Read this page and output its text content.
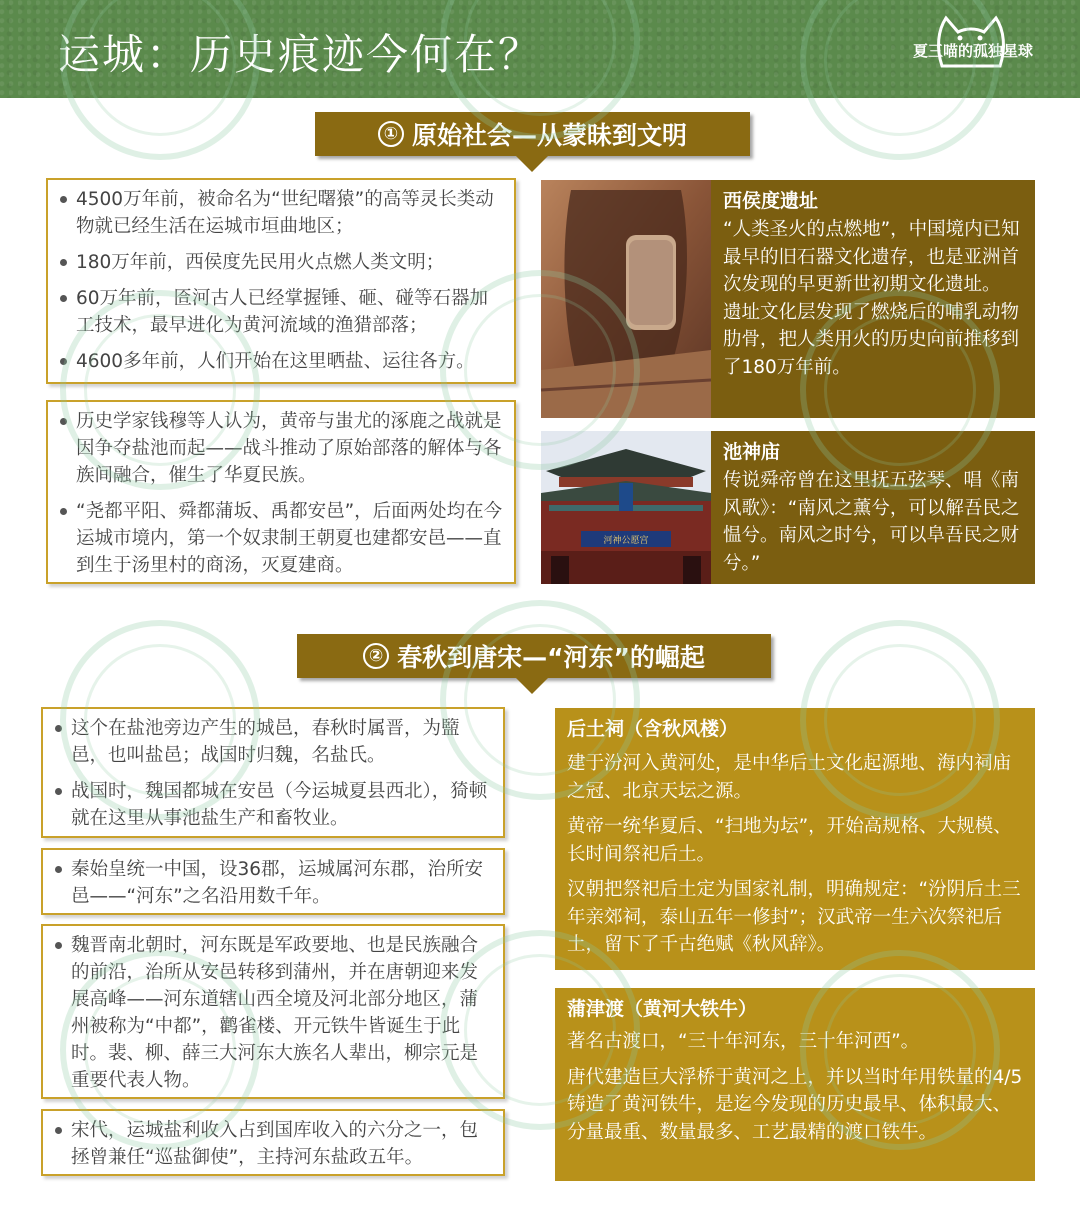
运城：历史痕迹今何在？	夏三喵的孤独星球
① 原始社会—从蒙昧到文明
4500万年前，被命名为“世纪曙猿”的高等灵长类动物就已经生活在运城市垣曲地区；
180万年前，西侯度先民用火点燃人类文明；
60万年前，匼河古人已经掌握锤、砸、碰等石器加工技术，最早进化为黄河流域的渔猎部落；
4600多年前，人们开始在这里晒盐、运往各方。
历史学家钱穆等人认为，黄帝与蚩尤的涿鹿之战就是因争夺盐池而起——战斗推动了原始部落的解体与各族间融合，催生了华夏民族。
“尧都平阳、舜都蒲坂、禹都安邑”，后面两处均在今运城市境内，第一个奴隶制王朝夏也建都安邑——直到生于汤里村的商汤，灭夏建商。
西侯度遗址

“人类圣火的点燃地”，中国境内已知最早的旧石器文化遗存，也是亚洲首次发现的早更新世初期文化遗址。

遗址文化层发现了燃烧后的哺乳动物肋骨，把人类用火的历史向前推移到了180万年前。

河神公愿宫
池神庙

传说舜帝曾在这里抚五弦琴、唱《南风歌》：“南风之薰兮，可以解吾民之愠兮。南风之时兮，可以阜吾民之财兮。”

② 春秋到唐宋—“河东”的崛起
这个在盐池旁边产生的城邑，春秋时属晋，为盬邑，也叫盐邑；战国时归魏，名盐氏。
战国时，魏国都城在安邑（今运城夏县西北），猗顿就在这里从事池盐生产和畜牧业。
秦始皇统一中国，设36郡，运城属河东郡，治所安邑——“河东”之名沿用数千年。
魏晋南北朝时，河东既是军政要地、也是民族融合的前沿，治所从安邑转移到蒲州，并在唐朝迎来发展高峰——河东道辖山西全境及河北部分地区，蒲州被称为“中都”，鹳雀楼、开元铁牛皆诞生于此时。裴、柳、薛三大河东大族名人辈出，柳宗元是重要代表人物。
宋代，运城盐利收入占到国库收入的六分之一，包拯曾兼任“巡盐御使”，主持河东盐政五年。
后土祠（含秋风楼）

建于汾河入黄河处，是中华后土文化起源地、海内祠庙之冠、北京天坛之源。

黄帝一统华夏后、“扫地为坛”，开始高规格、大规模、长时间祭祀后土。

汉朝把祭祀后土定为国家礼制，明确规定：“汾阴后土三年亲郊祠，泰山五年一修封”；汉武帝一生六次祭祀后土，留下了千古绝赋《秋风辞》。

蒲津渡（黄河大铁牛）

著名古渡口，“三十年河东，三十年河西”。

唐代建造巨大浮桥于黄河之上，并以当时年用铁量的4/5铸造了黄河铁牛，是迄今发现的历史最早、体积最大、分量最重、数量最多、工艺最精的渡口铁牛。
